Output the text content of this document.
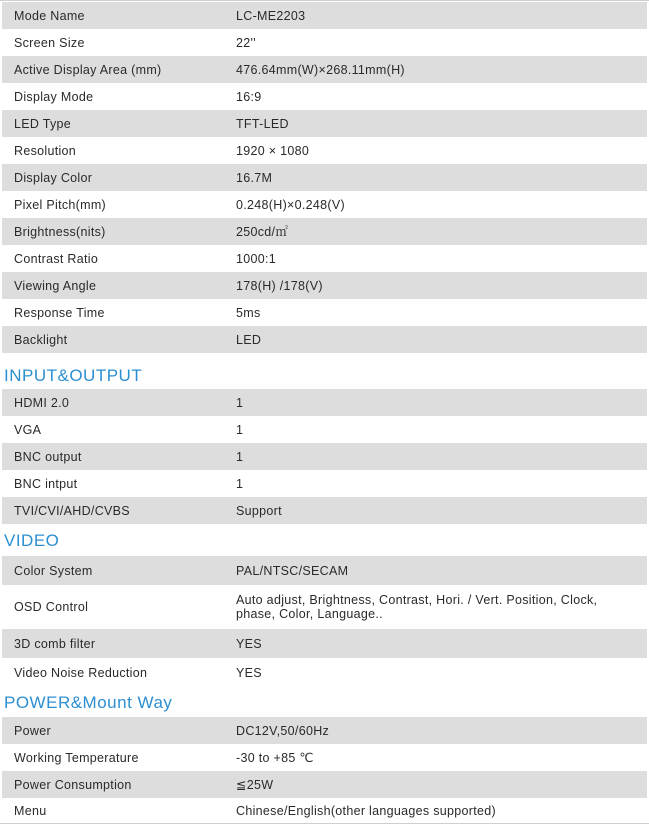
Mode Name	LC-ME2203
Screen Size	22''
Active Display Area (mm)	476.64mm(W)×268.11mm(H)
Display Mode	16:9
LED Type	TFT-LED
Resolution	1920 × 1080
Display Color	16.7M
Pixel Pitch(mm)	0.248(H)×0.248(V)
Brightness(nits)	250cd/㎡
Contrast Ratio	1000:1
Viewing Angle	178(H) /178(V)
Response Time	5ms
Backlight	LED
INPUT&OUTPUT
HDMI 2.0	1
VGA	1
BNC output	1
BNC intput	1
TVI/CVI/AHD/CVBS	Support
VIDEO
Color System	PAL/NTSC/SECAM
OSD Control	Auto adjust, Brightness, Contrast, Hori. / Vert. Position, Clock, phase, Color, Language..
3D comb filter	YES
Video Noise Reduction	YES
POWER&Mount Way
Power	DC12V,50/60Hz
Working Temperature	-30 to +85 ℃
Power Consumption	≦25W
Menu	Chinese/English(other languages supported)
